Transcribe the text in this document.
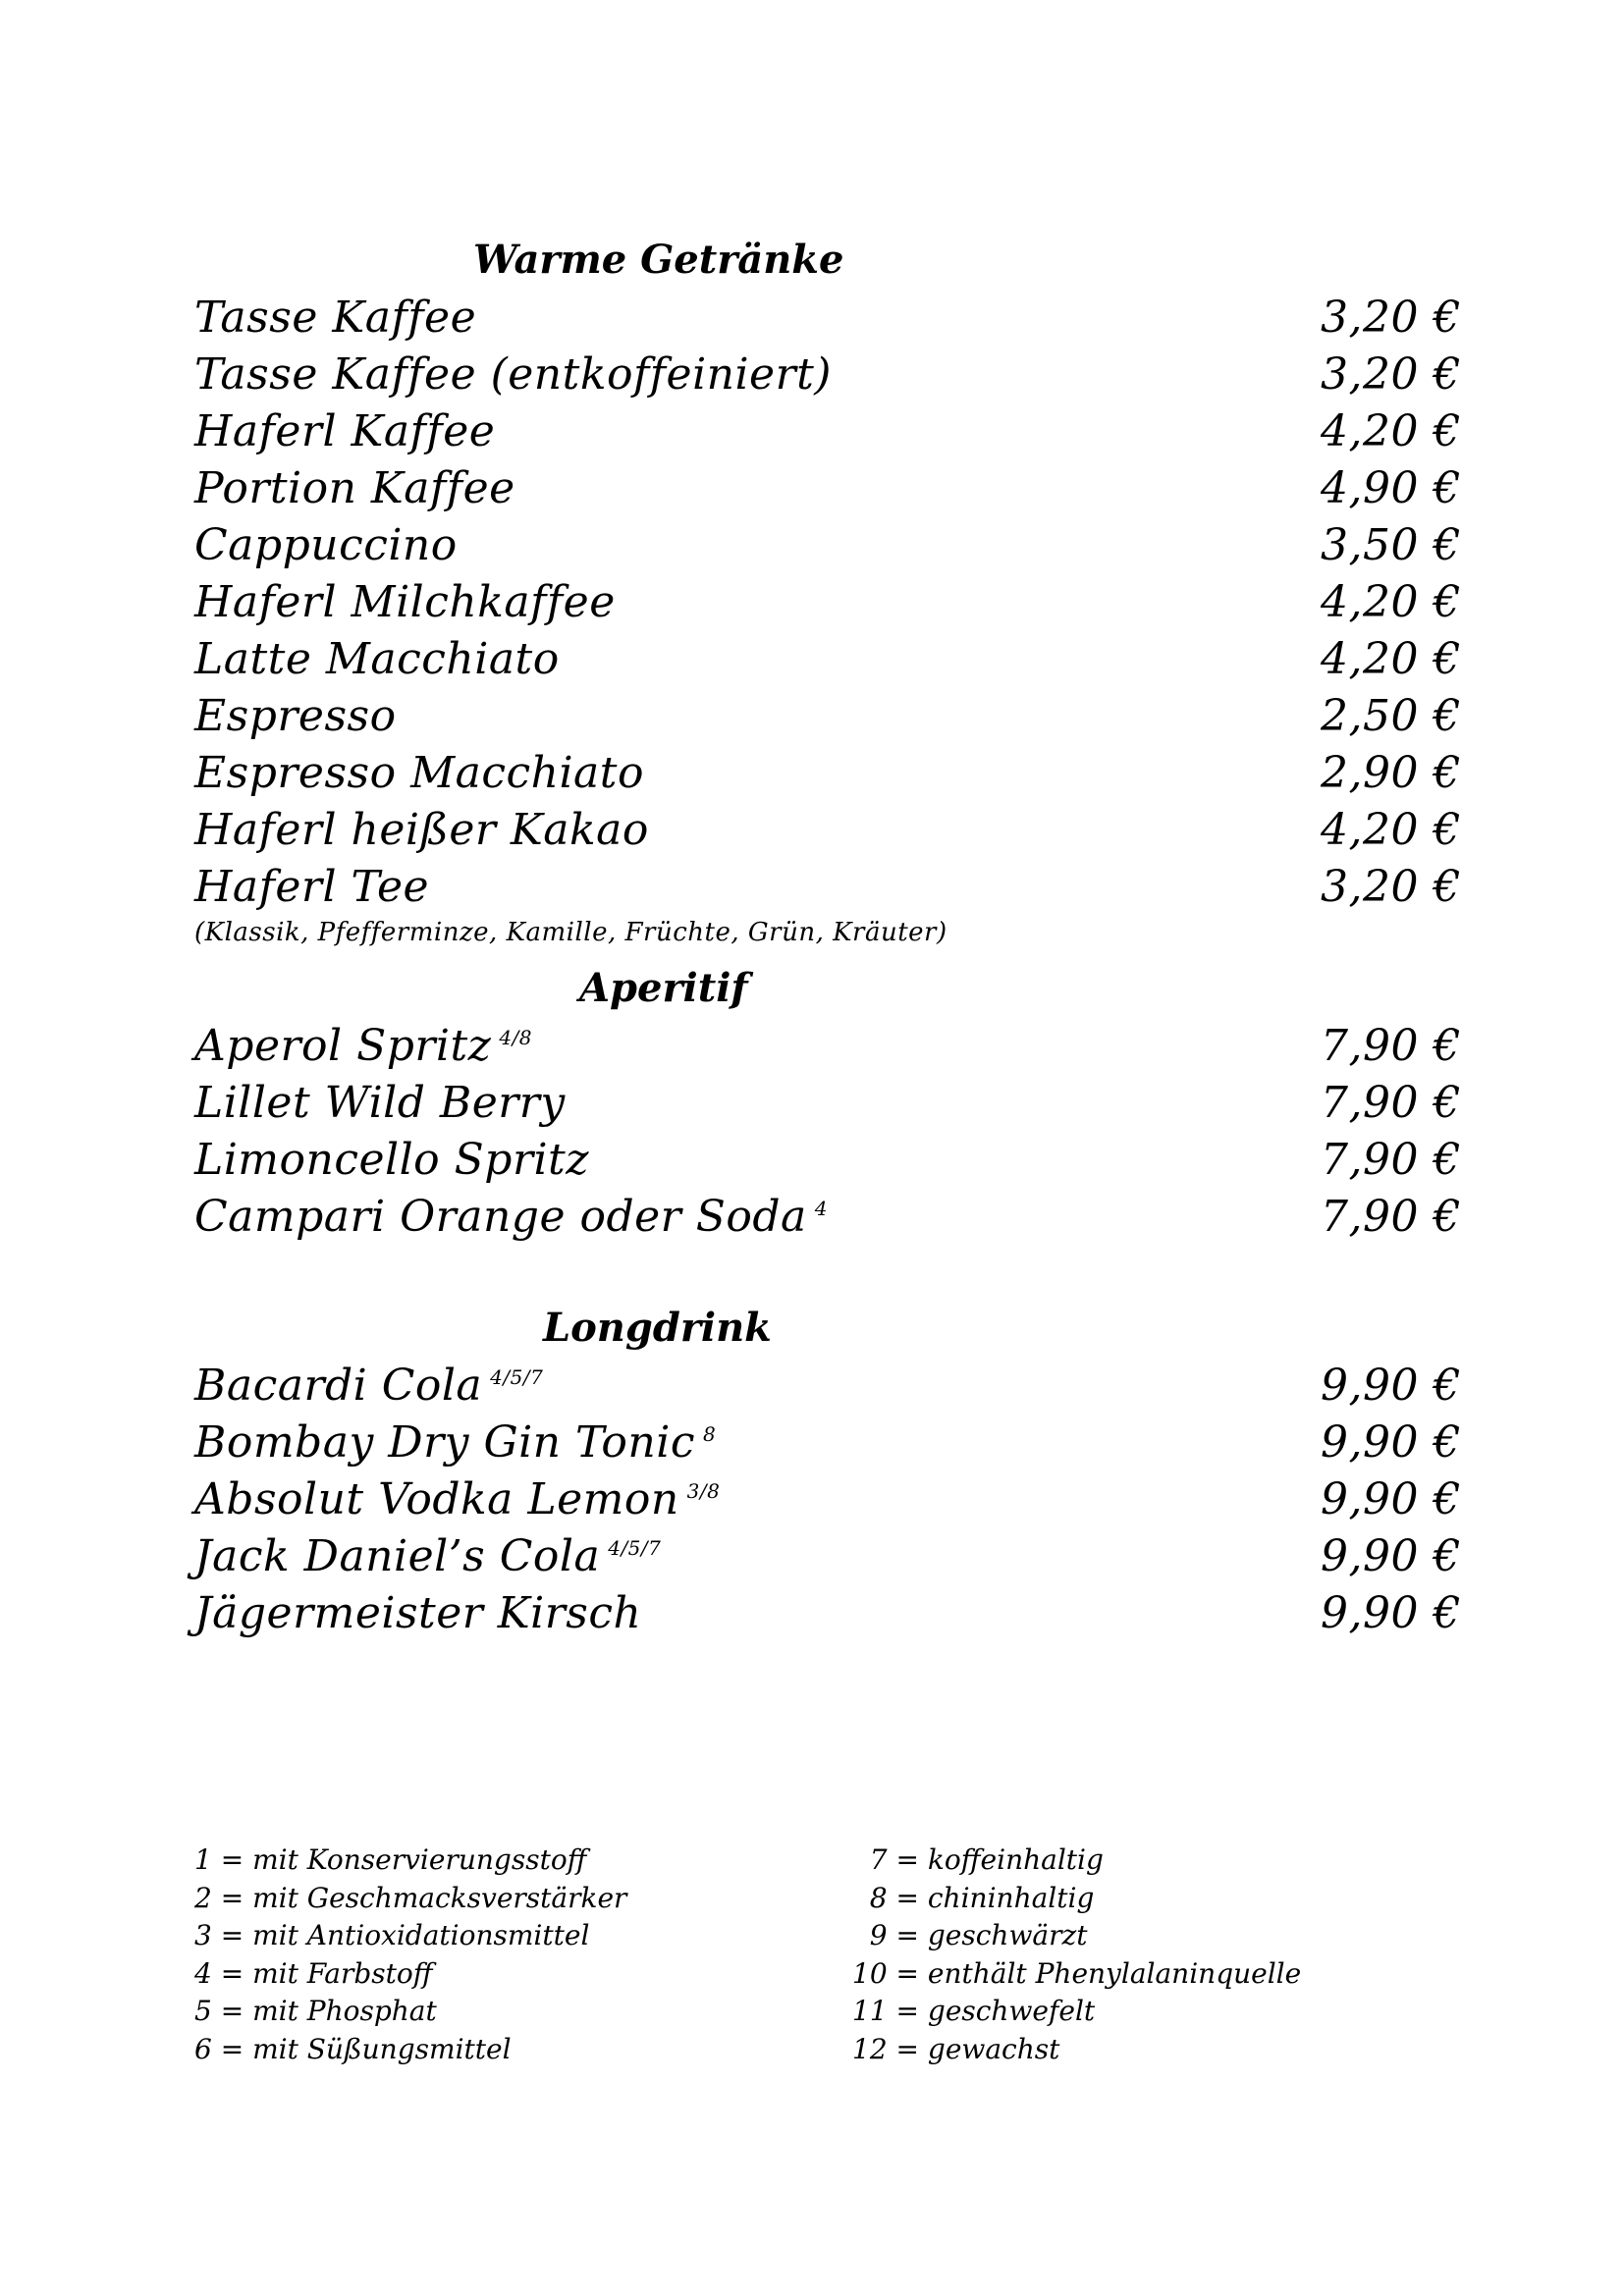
Warme Getränke
Tasse Kaffee	3,20 €
Tasse Kaffee (entkoffeiniert)	3,20 €
Haferl Kaffee	4,20 €
Portion Kaffee	4,90 €
Cappuccino	3,50 €
Haferl Milchkaffee	4,20 €
Latte Macchiato	4,20 €
Espresso	2,50 €
Espresso Macchiato	2,90 €
Haferl heißer Kakao	4,20 €
Haferl Tee	3,20 €
(Klassik, Pfefferminze, Kamille, Früchte, Grün, Kräuter)
Aperitif
Aperol Spritz $^{4/8}$	7,90 €
Lillet Wild Berry	7,90 €
Limoncello Spritz	7,90 €
Campari Orange oder Soda $^4$	7,90 €
Longdrink
Bacardi Cola $^{4/5/7}$	9,90 €
Bombay Dry Gin Tonic $^8$	9,90 €
Absolut Vodka Lemon $^{3/8}$	9,90 €
Jack Daniel’s Cola $^{4/5/7}$	9,90 €
Jägermeister Kirsch	9,90 €
1 = mit Konservierungsstoff
2 = mit Geschmacksverstärker
3 = mit Antioxidationsmittel
4 = mit Farbstoff
5 = mit Phosphat
6 = mit Süßungsmittel
7 = koffeinhaltig
8 = chininhaltig
9 = geschwärzt
10 = enthält Phenylalaninquelle
11 = geschwefelt
12 = gewachst
